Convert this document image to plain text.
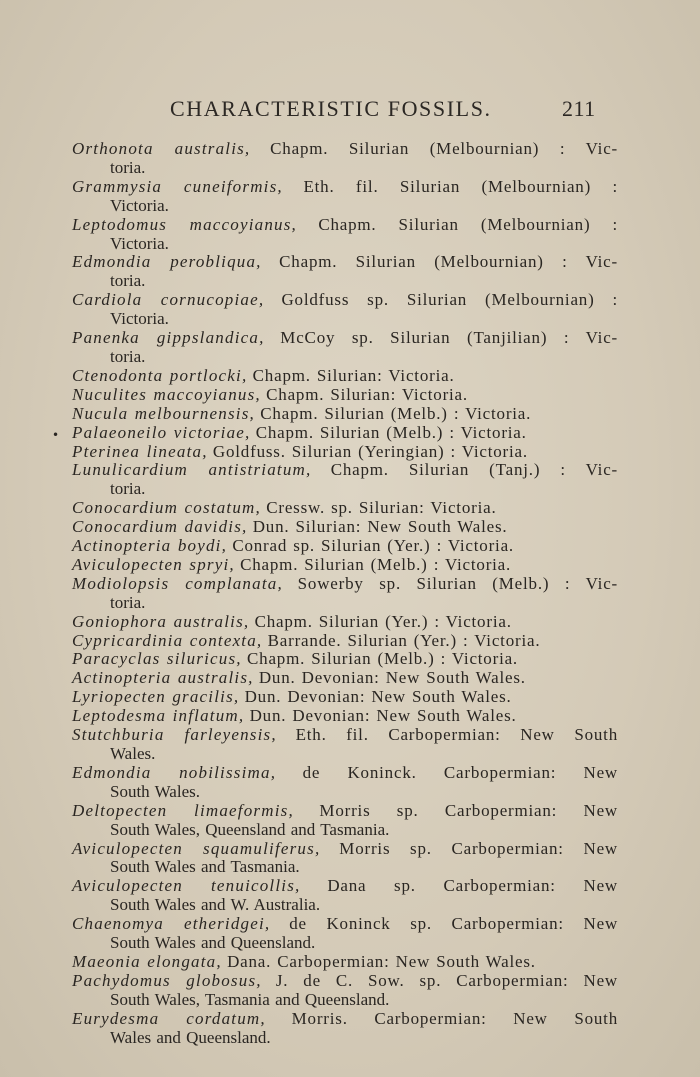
CHARACTERISTIC FOSSILS.	211
•
Orthonota australis, Chapm. Silurian (Melbournian) : Vic-
toria.
Grammysia cuneiformis, Eth. fil. Silurian (Melbournian) :
Victoria.
Leptodomus maccoyianus, Chapm. Silurian (Melbournian) :
Victoria.
Edmondia perobliqua, Chapm. Silurian (Melbournian) : Vic-
toria.
Cardiola cornucopiae, Goldfuss sp. Silurian (Melbournian) :
Victoria.
Panenka gippslandica, McCoy sp. Silurian (Tanjilian) : Vic-
toria.
Ctenodonta portlocki, Chapm. Silurian: Victoria.
Nuculites maccoyianus, Chapm. Silurian: Victoria.
Nucula melbournensis, Chapm. Silurian (Melb.) : Victoria.
Palaeoneilo victoriae, Chapm. Silurian (Melb.) : Victoria.
Pterinea lineata, Goldfuss. Silurian (Yeringian) : Victoria.
Lunulicardium antistriatum, Chapm. Silurian (Tanj.) : Vic-
toria.
Conocardium costatum, Cressw. sp. Silurian: Victoria.
Conocardium davidis, Dun. Silurian: New South Wales.
Actinopteria boydi, Conrad sp. Silurian (Yer.) : Victoria.
Aviculopecten spryi, Chapm. Silurian (Melb.) : Victoria.
Modiolopsis complanata, Sowerby sp. Silurian (Melb.) : Vic-
toria.
Goniophora australis, Chapm. Silurian (Yer.) : Victoria.
Cypricardinia contexta, Barrande. Silurian (Yer.) : Victoria.
Paracyclas siluricus, Chapm. Silurian (Melb.) : Victoria.
Actinopteria australis, Dun. Devonian: New South Wales.
Lyriopecten gracilis, Dun. Devonian: New South Wales.
Leptodesma inflatum, Dun. Devonian: New South Wales.
Stutchburia farleyensis, Eth. fil. Carbopermian: New South
Wales.
Edmondia nobilissima, de Koninck. Carbopermian: New
South Wales.
Deltopecten limaeformis, Morris sp. Carbopermian: New
South Wales, Queensland and Tasmania.
Aviculopecten squamuliferus, Morris sp. Carbopermian: New
South Wales and Tasmania.
Aviculopecten tenuicollis, Dana sp. Carbopermian: New
South Wales and W. Australia.
Chaenomya etheridgei, de Koninck sp. Carbopermian: New
South Wales and Queensland.
Maeonia elongata, Dana. Carbopermian: New South Wales.
Pachydomus globosus, J. de C. Sow. sp. Carbopermian: New
South Wales, Tasmania and Queensland.
Eurydesma cordatum, Morris. Carbopermian: New South
Wales and Queensland.
